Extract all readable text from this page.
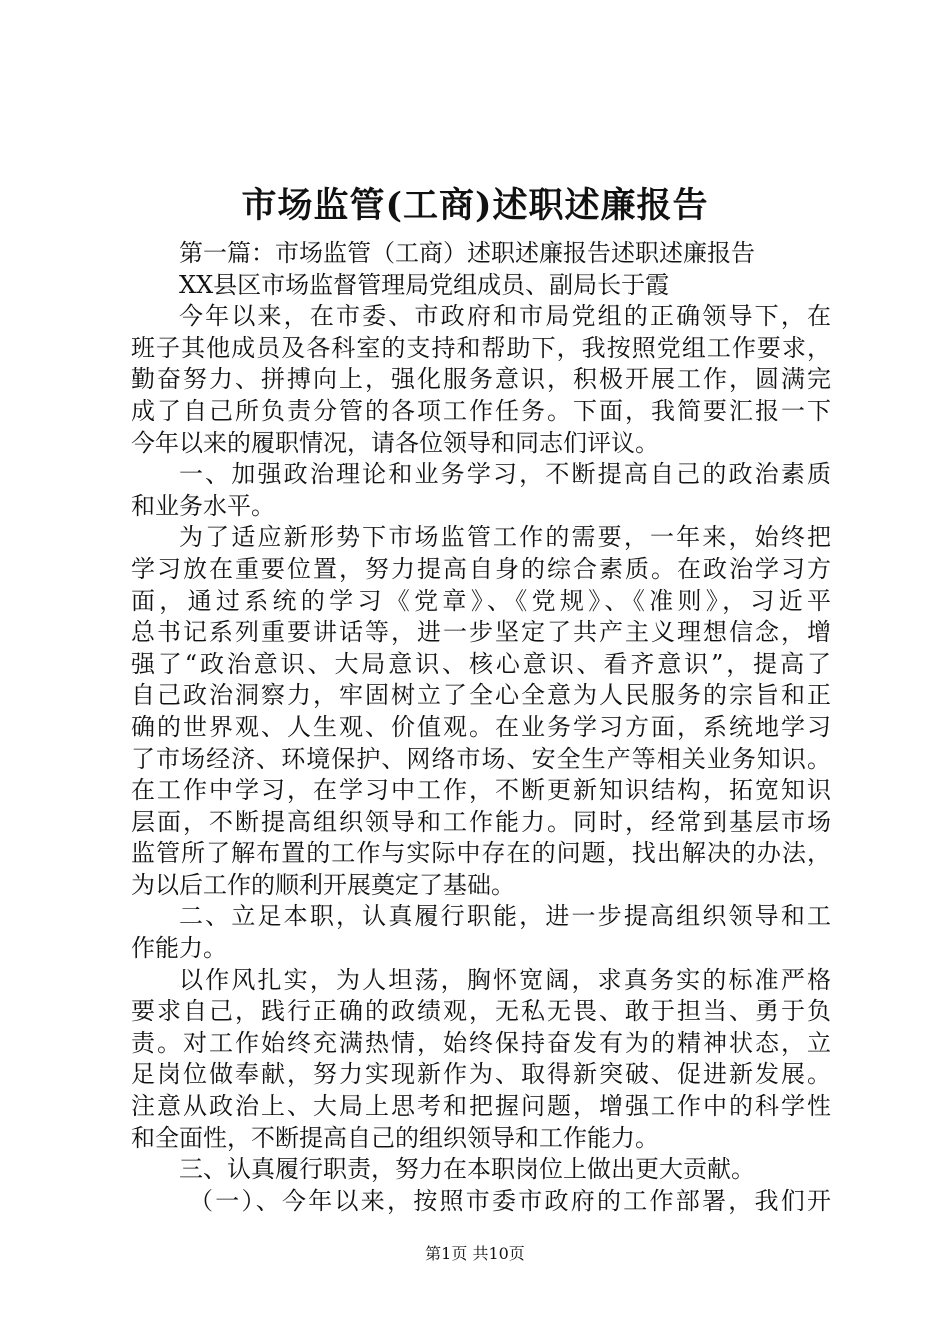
市场监管(工商)述职述廉报告
第一篇：市场监管（工商）述职述廉报告述职述廉报告
XX县区市场监督管理局党组成员、副局长于霞
今年以来，在市委、市政府和市局党组的正确领导下，在
班子其他成员及各科室的支持和帮助下，我按照党组工作要求，
勤奋努力、拼搏向上，强化服务意识，积极开展工作，圆满完
成了自己所负责分管的各项工作任务。下面，我简要汇报一下
今年以来的履职情况，请各位领导和同志们评议。
一、加强政治理论和业务学习，不断提高自己的政治素质
和业务水平。
为了适应新形势下市场监管工作的需要，一年来，始终把
学习放在重要位置，努力提高自身的综合素质。在政治学习方
面，通过系统的学习《党章》、《党规》、《准则》，习近平
总书记系列重要讲话等，进一步坚定了共产主义理想信念，增
强了“政治意识、大局意识、核心意识、看齐意识”，提高了
自己政治洞察力，牢固树立了全心全意为人民服务的宗旨和正
确的世界观、人生观、价值观。在业务学习方面，系统地学习
了市场经济、环境保护、网络市场、安全生产等相关业务知识。
在工作中学习，在学习中工作，不断更新知识结构，拓宽知识
层面，不断提高组织领导和工作能力。同时，经常到基层市场
监管所了解布置的工作与实际中存在的问题，找出解决的办法，
为以后工作的顺利开展奠定了基础。
二、立足本职，认真履行职能，进一步提高组织领导和工
作能力。
以作风扎实，为人坦荡，胸怀宽阔，求真务实的标准严格
要求自己，践行正确的政绩观，无私无畏、敢于担当、勇于负
责。对工作始终充满热情，始终保持奋发有为的精神状态，立
足岗位做奉献，努力实现新作为、取得新突破、促进新发展。
注意从政治上、大局上思考和把握问题，增强工作中的科学性
和全面性，不断提高自己的组织领导和工作能力。
三、认真履行职责，努力在本职岗位上做出更大贡献。
（一）、今年以来，按照市委市政府的工作部署，我们开
第1页 共10页
